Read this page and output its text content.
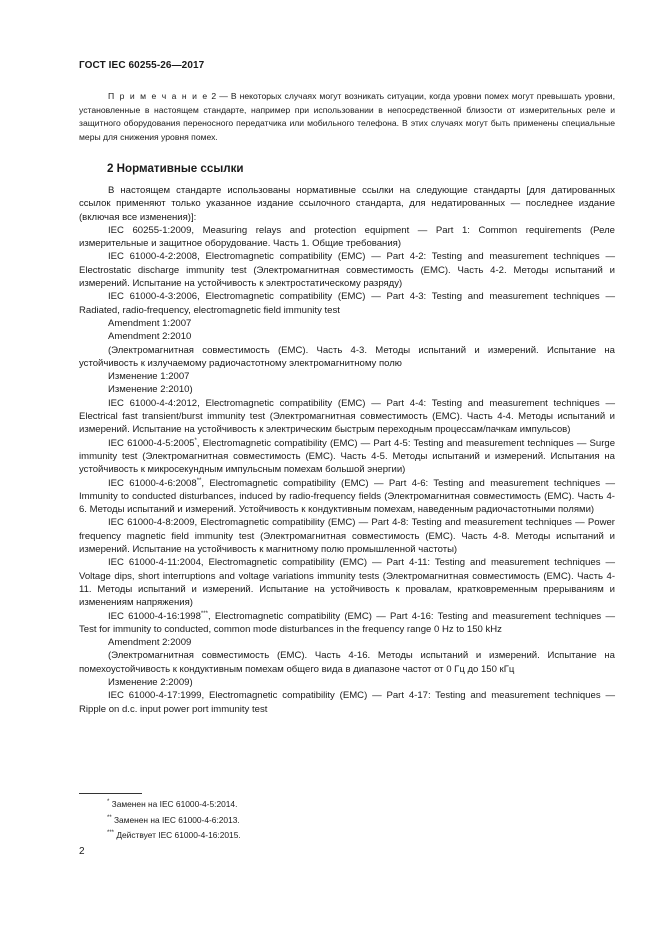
ГОСТ IEC 60255-26—2017
П р и м е ч а н и е 2 — В некоторых случаях могут возникать ситуации, когда уровни помех могут превышать уровни, установленные в настоящем стандарте, например при использовании в непосредственной близости от измерительных реле и защитного оборудования переносного передатчика или мобильного телефона. В этих случаях могут быть применены специальные меры для снижения уровня помех.
2 Нормативные ссылки

В настоящем стандарте использованы нормативные ссылки на следующие стандарты [для датированных ссылок применяют только указанное издание ссылочного стандарта, для недатированных — последнее издание (включая все изменения)]:

IEC 60255-1:2009, Measuring relays and protection equipment — Part 1: Common requirements (Реле измерительные и защитное оборудование. Часть 1. Общие требования)

IEC 61000-4-2:2008, Electromagnetic compatibility (EMC) — Part 4-2: Testing and measurement techniques — Electrostatic discharge immunity test (Электромагнитная совместимость (ЕМС). Часть 4-2. Методы испытаний и измерений. Испытание на устойчивость к электростатическому разряду)

IEC 61000-4-3:2006, Electromagnetic compatibility (EMC) — Part 4-3: Testing and measurement techniques — Radiated, radio-frequency, electromagnetic field immunity test

Amendment 1:2007

Amendment 2:2010

(Электромагнитная совместимость (EMC). Часть 4-3. Методы испытаний и измерений. Испытание на устойчивость к излучаемому радиочастотному электромагнитному полю

Изменение 1:2007

Изменение 2:2010)

IEC 61000-4-4:2012, Electromagnetic compatibility (EMC) — Part 4-4: Testing and measurement techniques — Electrical fast transient/burst immunity test (Электромагнитная совместимость (ЕМС). Часть 4-4. Методы испытаний и измерений. Испытание на устойчивость к электрическим быстрым переходным процессам/пачкам импульсов)

IEC 61000-4-5:2005*, Electromagnetic compatibility (EMC) — Part 4-5: Testing and measurement techniques — Surge immunity test (Электромагнитная совместимость (ЕМС). Часть 4-5. Методы испытаний и измерений. Испытания на устойчивость к микросекундным импульсным помехам большой энергии)

IEC 61000-4-6:2008**, Electromagnetic compatibility (EMC) — Part 4-6: Testing and measurement techniques — Immunity to conducted disturbances, induced by radio-frequency fields (Электромагнитная совместимость (ЕМС). Часть 4-6. Методы испытаний и измерений. Устойчивость к кондуктивным помехам, наведенным радиочастотными полями)

IEC 61000-4-8:2009, Electromagnetic compatibility (EMC) — Part 4-8: Testing and measurement techniques — Power frequency magnetic field immunity test (Электромагнитная совместимость (ЕМС). Часть 4-8. Методы испытаний и измерений. Испытание на устойчивость к магнитному полю промышленной частоты)

IEC 61000-4-11:2004, Electromagnetic compatibility (EMC) — Part 4-11: Testing and measurement techniques — Voltage dips, short interruptions and voltage variations immunity tests (Электромагнитная совместимость (ЕМС). Часть 4-11. Методы испытаний и измерений. Испытание на устойчивость к провалам, кратковременным прерываниям и изменениям напряжения)

IEC 61000-4-16:1998***, Electromagnetic compatibility (EMC) — Part 4-16: Testing and measurement techniques — Test for immunity to conducted, common mode disturbances in the frequency range 0 Hz to 150 kHz

Amendment 2:2009

(Электромагнитная совместимость (EMC). Часть 4-16. Методы испытаний и измерений. Испытание на помехоустойчивость к кондуктивным помехам общего вида в диапазоне частот от 0 Гц до 150 кГц

Изменение 2:2009)

IEC 61000-4-17:1999, Electromagnetic compatibility (EMC) — Part 4-17: Testing and measurement techniques — Ripple on d.c. input power port immunity test

* Заменен на IEC 61000-4-5:2014.
** Заменен на IEC 61000-4-6:2013.
*** Действует IEC 61000-4-16:2015.
2
